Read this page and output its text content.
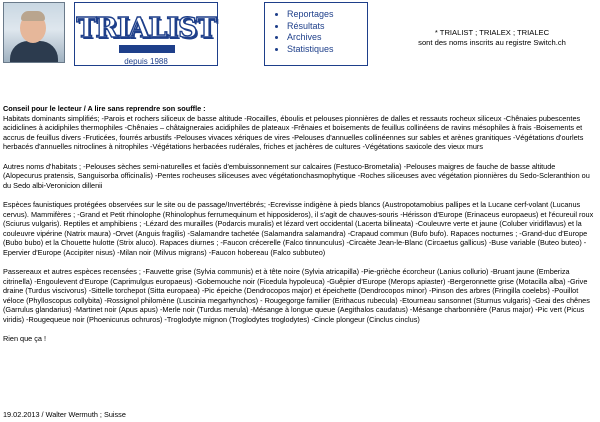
TRIALIST
depuis 1988
• Reportages
• Résultats
• Archives
• Statistiques
* TRIALIST ; TRIALEX ; TRIALEC
sont des noms inscrits au registre Switch.ch

Conseil pour le lecteur / A lire sans reprendre son souffle :
Habitats dominants simplifiés; -Parois et rochers siliceux de basse altitude -Rocailles, éboulis et pelouses pionnières de dalles et ressauts rocheux siliceux -Chênaies pubescentes acidiclines à acidiphiles thermophiles -Chênaies – châtaigneraies acidiphiles de plateaux -Frênaies et boisements de feuillus collinéens de ravins mésophiles à frais -Boisements et accrus de feuillus divers -Fruticées, fourrés arbustifs -Pelouses vivaces xériques de vires -Pelouses d'annuelles collinéennes sur sables et arènes granitiques -Végétations d'ourlets herbacés d'annuelles nitroclines à nitrophiles -Végétations herbacées rudérales, friches et jachères de cultures -Végétations saxicole des vieux murs

Autres noms d'habitats ; -Pelouses sèches semi-naturelles et faciès d'embuissonnement sur calcaires (Festuco-Brometalia) -Pelouses maigres de fauche de basse altitude (Alopecurus pratensis, Sanguisorba officinalis) -Pentes rocheuses siliceuses avec végétationchasmophytique -Roches siliceuses avec végétation pionnières du Sedo-Scleranthion ou du Sedo albi-Veronicion dillenii

Espèces faunistiques protégées observées sur le site ou de passage/Invertébrés; -Ecrevisse indigène à pieds blancs (Austropotamobius pallipes et la Lucane cerf-volant (Lucanus cervus). Mammifères ; -Grand et Petit rhinolophe (Rhinolophus ferrumequinum et hipposideros), il s'agit de chauves-souris -Hérisson d'Europe (Erinaceus europaeus) et l'écureuil roux (Sciurus vulgaris). Reptiles et amphibiens ; -Lézard des murailles (Podarcis muralis) et lézard vert occidental (Lacerta bilineata) -Couleuvre verte et jaune (Coluber viridiflavus) et la couleuvre vipérine (Natrix maura) -Orvet (Anguis fragilis) -Salamandre tachetée (Salamandra salamandra) -Crapaud commun (Bufo bufo). Rapaces nocturnes ; -Grand-duc d'Europe (Bubo bubo) et la Chouette hulotte (Strix aluco). Rapaces diurnes ; -Faucon crécerelle (Falco tinnunculus) -Circaète Jean-le-Blanc (Circaetus gallicus) -Buse variable (Buteo buteo) -Epervier d'Europe (Accipiter nisus) -Milan noir (Milvus migrans) -Faucon hobereau (Falco subbuteo)

Passereaux et autres espèces recensées ; -Fauvette grise (Sylvia communis) et à tête noire (Sylvia atricapilla) -Pie-grièche écorcheur (Lanius collurio) -Bruant jaune (Emberiza citrinella) -Engoulevent d'Europe (Caprimulgus europaeus) -Gobemouche noir (Ficedula hypoleuca) -Guêpier d'Europe (Merops apiaster) -Bergeronnette grise (Motacilla alba) -Grive draine (Turdus viscivorus) -Sittelle torchepot (Sitta europaea) -Pic épeiche (Dendrocopos major) et épeichette (Dendrocopos minor) -Pinson des arbres (Fringilla coelebs) -Pouillot véloce (Phylloscopus collybita) -Rossignol philomène (Luscinia megarhynchos) - Rougegorge familier (Erithacus rubecula) -Etourneau sansonnet (Sturnus vulgaris) -Geai des chênes (Garrulus glandarius) -Martinet noir (Apus apus) -Merle noir (Turdus merula) -Mésange à longue queue (Aegithalos caudatus) -Mésange charbonnière (Parus major) -Pic vert (Picus viridis) -Rougequeue noir (Phoenicurus ochruros) -Troglodyte mignon (Troglodytes troglodytes) -Cincle plongeur (Cinclus cinclus)

Rien que ça !

19.02.2013 / Walter Wermuth ; Suisse
